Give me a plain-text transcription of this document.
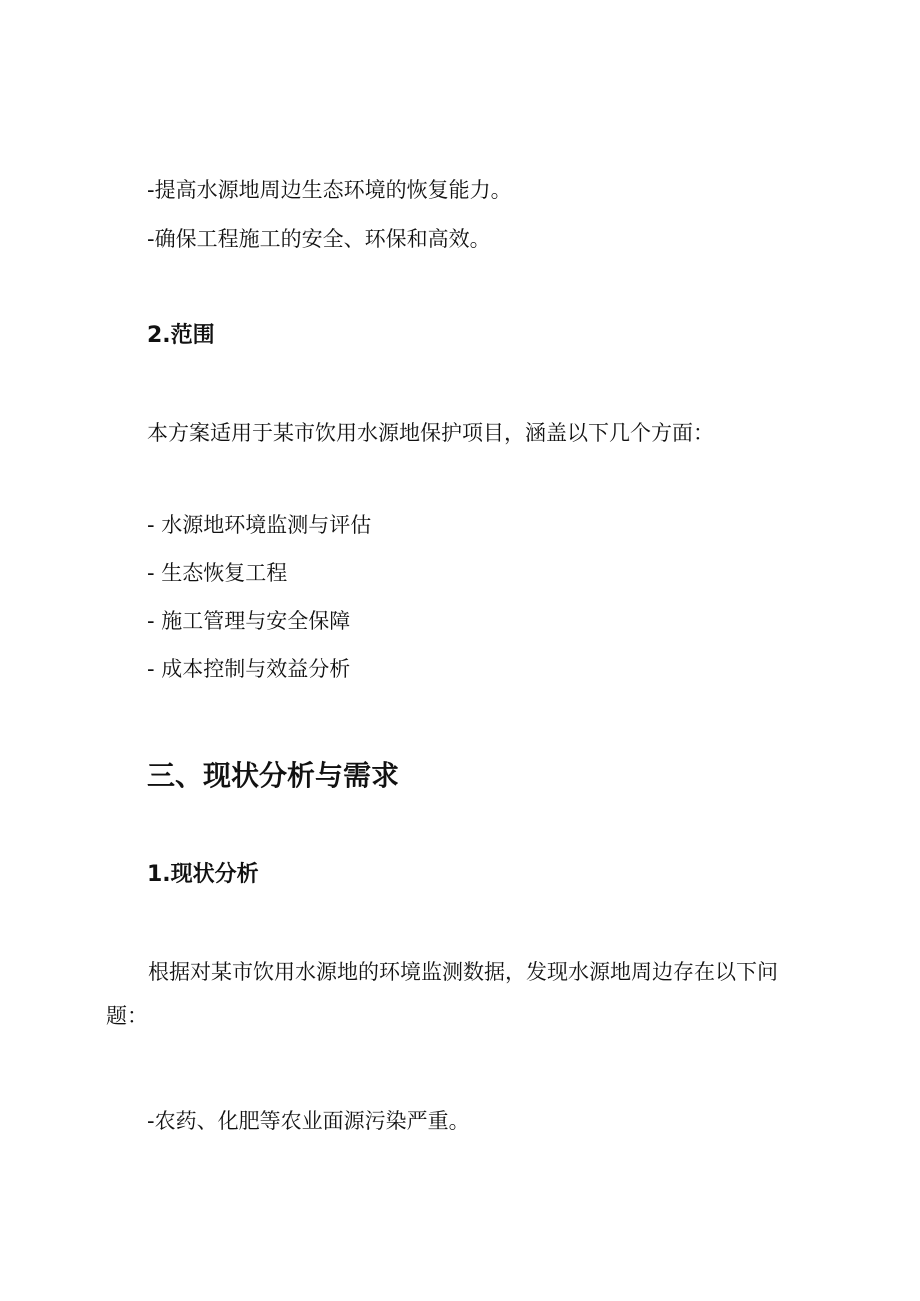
-提高水源地周边生态环境的恢复能力。
-确保工程施工的安全、环保和高效。
2.范围
本方案适用于某市饮用水源地保护项目，涵盖以下几个方面：
- 水源地环境监测与评估
- 生态恢复工程
- 施工管理与安全保障
- 成本控制与效益分析
三、现状分析与需求
1.现状分析
根据对某市饮用水源地的环境监测数据，发现水源地周边存在以下问题：
-农药、化肥等农业面源污染严重。
